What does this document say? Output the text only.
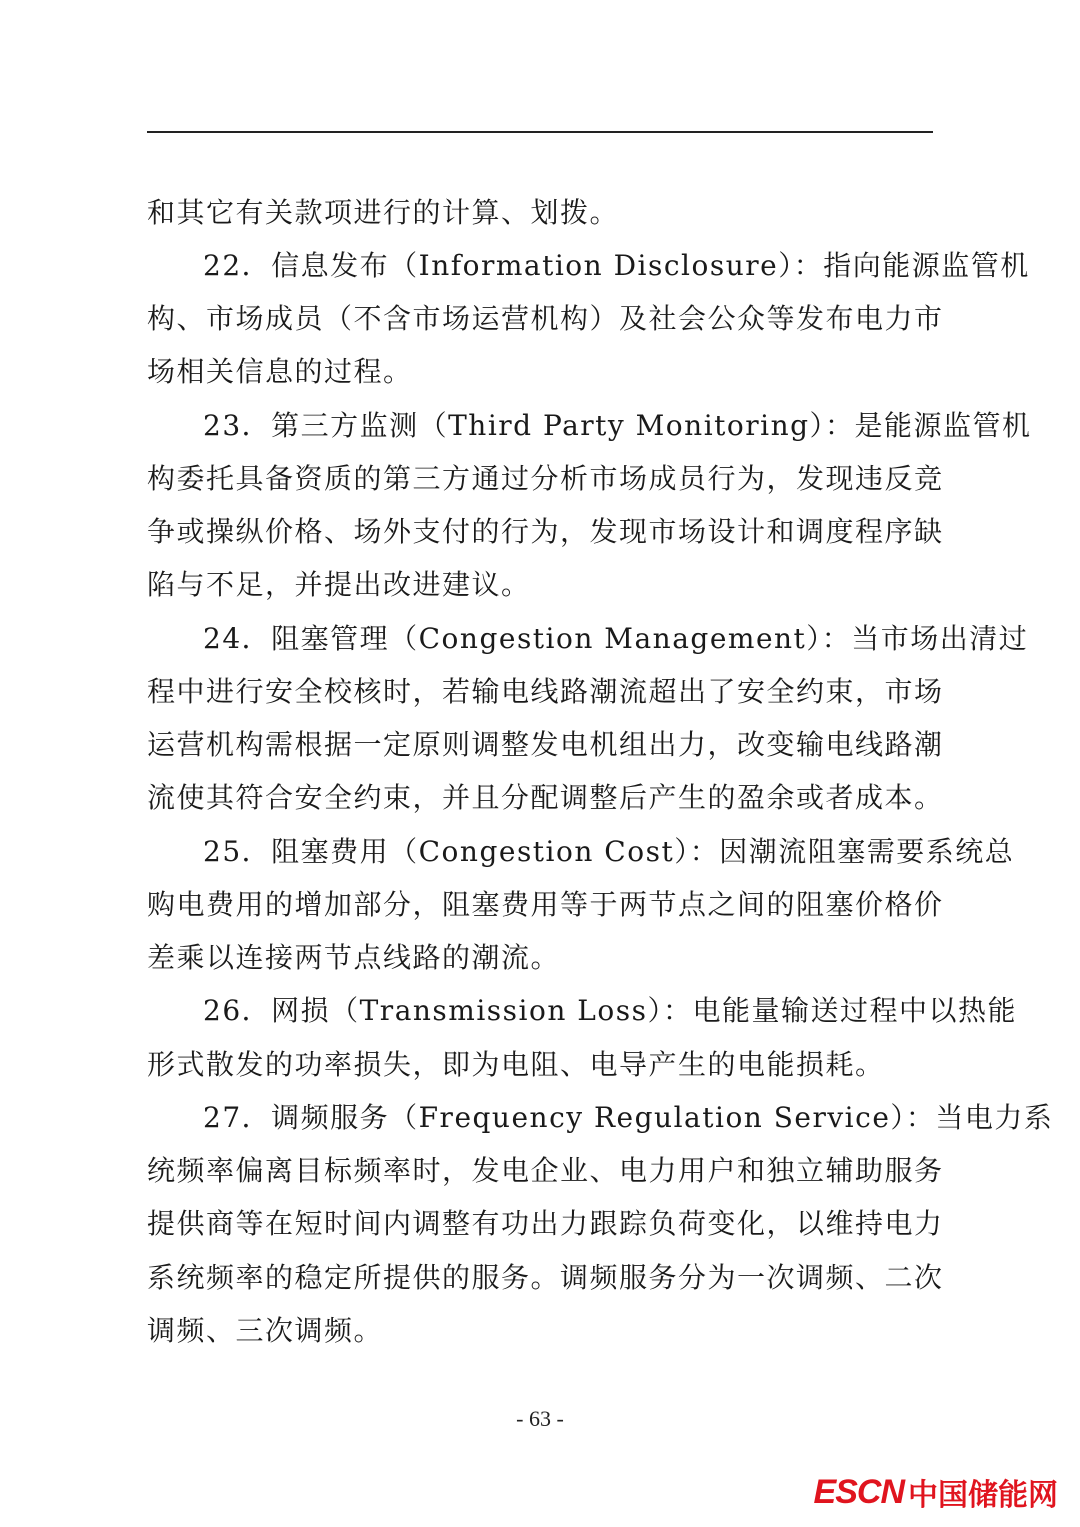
和其它有关款项进行的计算、划拨。
22．信息发布（Information Disclosure）：指向能源监管机
构、市场成员（不含市场运营机构）及社会公众等发布电力市
场相关信息的过程。
23．第三方监测（Third Party Monitoring）：是能源监管机
构委托具备资质的第三方通过分析市场成员行为，发现违反竞
争或操纵价格、场外支付的行为，发现市场设计和调度程序缺
陷与不足，并提出改进建议。
24．阻塞管理（Congestion Management）：当市场出清过
程中进行安全校核时，若输电线路潮流超出了安全约束，市场
运营机构需根据一定原则调整发电机组出力，改变输电线路潮
流使其符合安全约束，并且分配调整后产生的盈余或者成本。
25．阻塞费用（Congestion Cost）：因潮流阻塞需要系统总
购电费用的增加部分，阻塞费用等于两节点之间的阻塞价格价
差乘以连接两节点线路的潮流。
26．网损（Transmission Loss）：电能量输送过程中以热能
形式散发的功率损失，即为电阻、电导产生的电能损耗。
27．调频服务（Frequency Regulation Service）：当电力系
统频率偏离目标频率时，发电企业、电力用户和独立辅助服务
提供商等在短时间内调整有功出力跟踪负荷变化，以维持电力
系统频率的稳定所提供的服务。调频服务分为一次调频、二次
调频、三次调频。
- 63 -
ESCN 中国储能网
